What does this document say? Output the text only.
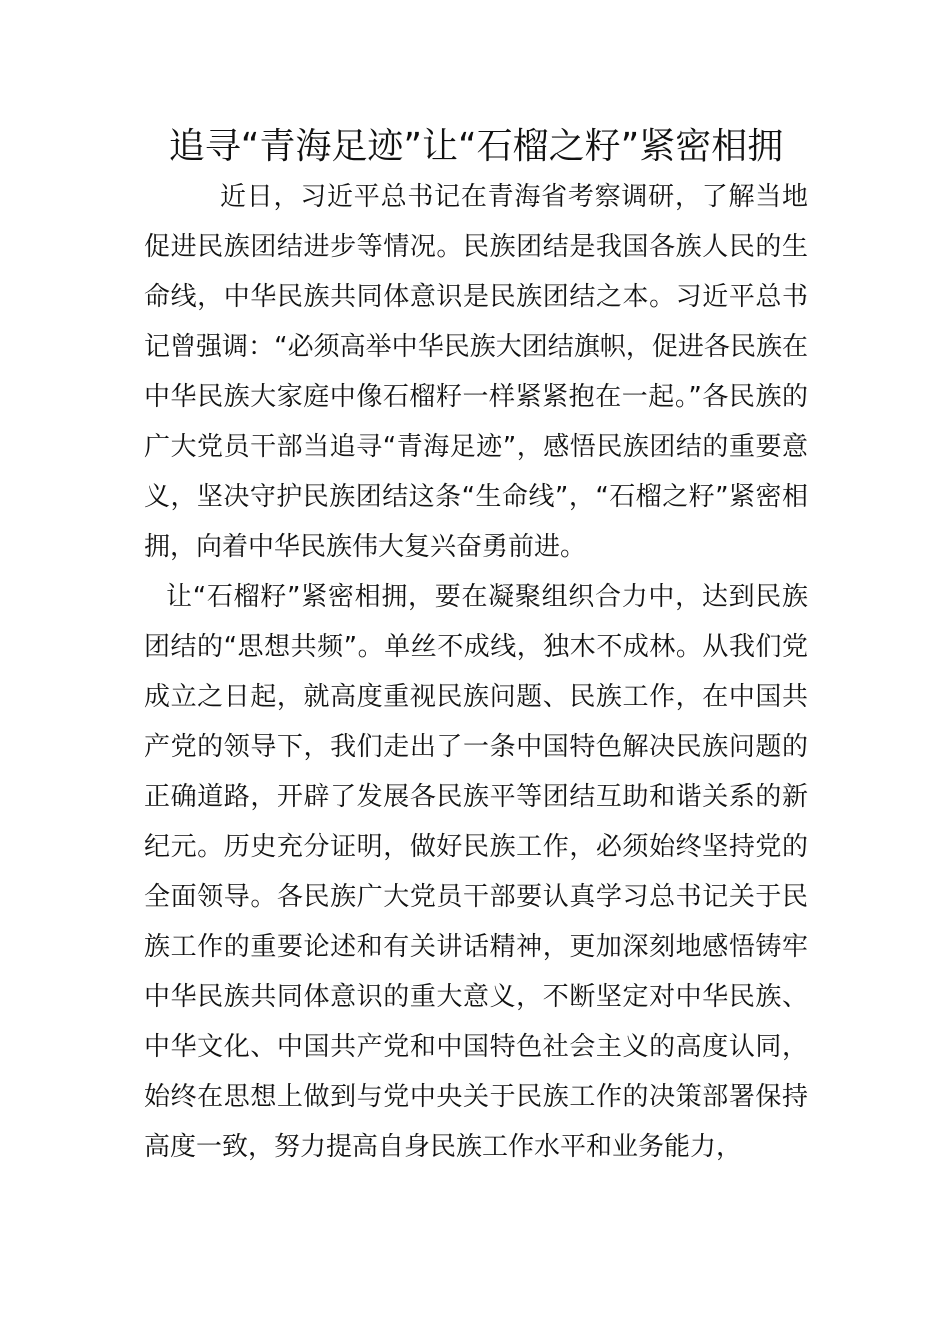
追寻“青海足迹”让“石榴之籽”紧密相拥

近日，习近平总书记在青海省考察调研，了解当地促进民族团结进步等情况。民族团结是我国各族人民的生命线，中华民族共同体意识是民族团结之本。习近平总书记曾强调：“必须高举中华民族大团结旗帜，促进各民族在中华民族大家庭中像石榴籽一样紧紧抱在一起。”各民族的广大党员干部当追寻“青海足迹”，感悟民族团结的重要意义，坚决守护民族团结这条“生命线”，“石榴之籽”紧密相拥，向着中华民族伟大复兴奋勇前进。

让“石榴籽”紧密相拥，要在凝聚组织合力中，达到民族团结的“思想共频”。单丝不成线，独木不成林。从我们党成立之日起，就高度重视民族问题、民族工作，在中国共产党的领导下，我们走出了一条中国特色解决民族问题的正确道路，开辟了发展各民族平等团结互助和谐关系的新纪元。历史充分证明，做好民族工作，必须始终坚持党的全面领导。各民族广大党员干部要认真学习总书记关于民族工作的重要论述和有关讲话精神，更加深刻地感悟铸牢中华民族共同体意识的重大意义，不断坚定对中华民族、中华文化、中国共产党和中国特色社会主义的高度认同，始终在思想上做到与党中央关于民族工作的决策部署保持高度一致，努力提高自身民族工作水平和业务能力，
